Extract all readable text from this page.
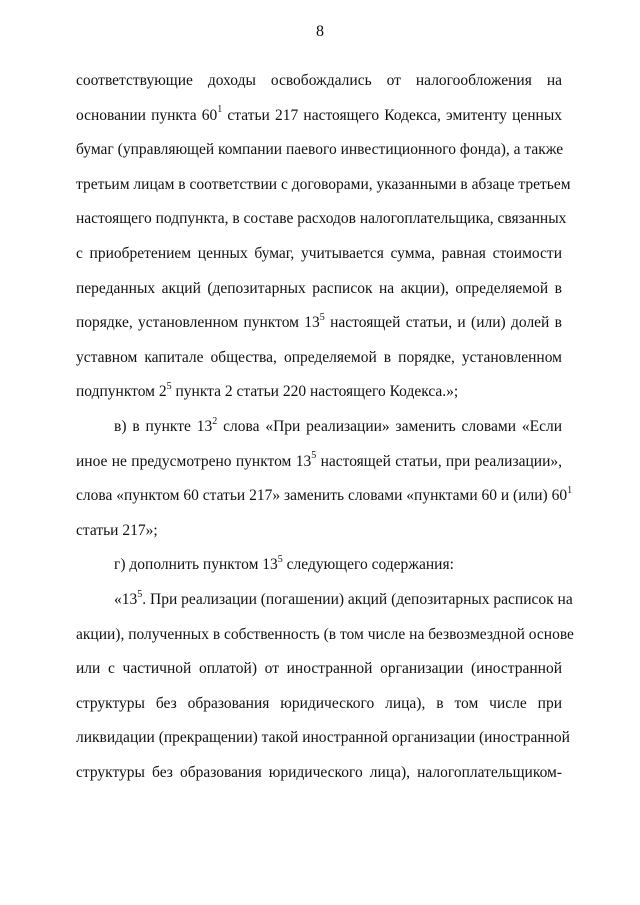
8
соответствующие доходы освобождались от налогообложения на
основании пункта $60^1$ статьи 217 настоящего Кодекса, эмитенту ценных
бумаг (управляющей компании паевого инвестиционного фонда), а также
третьим лицам в соответствии с договорами, указанными в абзаце третьем
настоящего подпункта, в составе расходов налогоплательщика, связанных
с приобретением ценных бумаг, учитывается сумма, равная стоимости
переданных акций (депозитарных расписок на акции), определяемой в
порядке, установленном пунктом $13^5$ настоящей статьи, и (или) долей в
уставном капитале общества, определяемой в порядке, установленном
подпунктом $2^5$ пункта 2 статьи 220 настоящего Кодекса.»;
в) в пункте $13^2$ слова «При реализации» заменить словами «Если
иное не предусмотрено пунктом $13^5$ настоящей статьи, при реализации»,
слова «пунктом 60 статьи 217» заменить словами «пунктами 60 и (или) $60^1$
статьи 217»;
г) дополнить пунктом $13^5$ следующего содержания:
«$13^5$. При реализации (погашении) акций (депозитарных расписок на
акции), полученных в собственность (в том числе на безвозмездной основе
или с частичной оплатой) от иностранной организации (иностранной
структуры без образования юридического лица), в том числе при
ликвидации (прекращении) такой иностранной организации (иностранной
структуры без образования юридического лица), налогоплательщиком-
